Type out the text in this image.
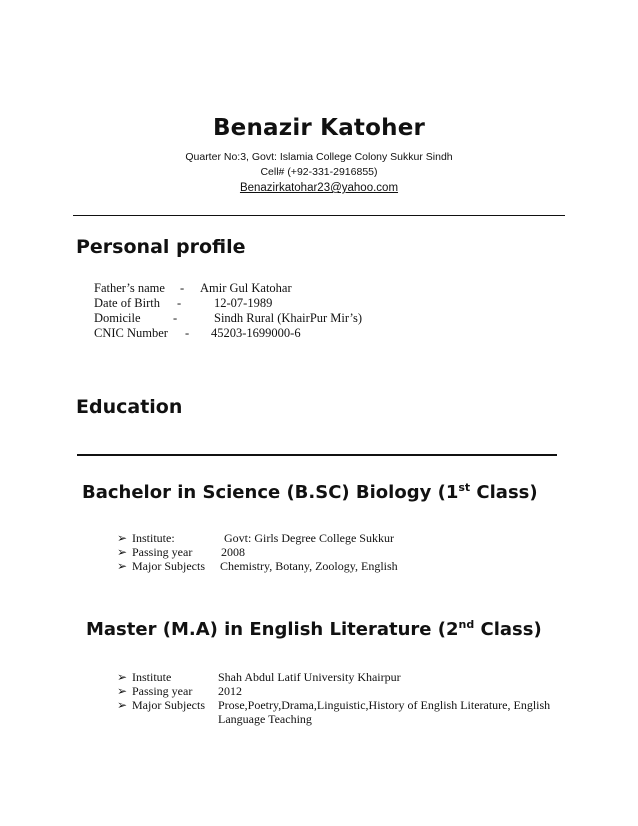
Benazir Katoher
Quarter No:3, Govt: Islamia College Colony Sukkur Sindh
Cell# (+92-331-2916855)
Benazirkatohar23@yahoo.com
Personal profile
Father’s name - Amir Gul Katohar
Date of Birth -	12-07-1989
Domicile	-	Sindh Rural (KhairPur Mir’s)
CNIC Number - 45203-1699000-6
Education
Bachelor in Science (B.SC) Biology (1st Class)
➢ Institute:	Govt: Girls Degree College Sukkur
➢ Passing year 2008
➢ Major Subjects Chemistry, Botany, Zoology, English
Master (M.A) in English Literature (2nd Class)
➢ Institute	Shah Abdul Latif University Khairpur
➢ Passing year 2012
➢ Major Subjects Prose,Poetry,Drama,Linguistic,History of English Literature, English
Language Teaching
